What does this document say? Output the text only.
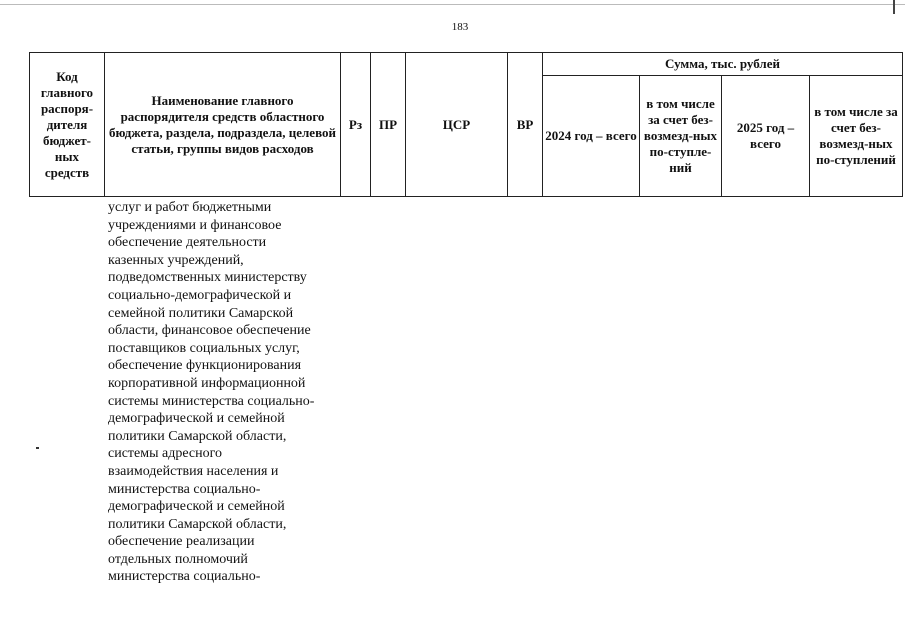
183
Код главного распоря-дителя бюджет-ных средств	Наименование главного распорядителя средств областного бюджета, раздела, подраздела, целевой статьи, группы видов расходов	Рз	ПР	ЦСР	ВР	Сумма, тыс. рублей			
						2024 год – всего	в том числе за счет без-возмезд-ных по-ступле-ний	2025 год – всего	в том числе за счет без-возмезд-ных по-ступлений
услуг и работ бюджетными
учреждениями и финансовое
обеспечение деятельности
казенных учреждений,
подведомственных министерству
социально-демографической и
семейной политики Самарской
области, финансовое обеспечение
поставщиков социальных услуг,
обеспечение функционирования
корпоративной информационной
системы министерства социально-
демографической и семейной
политики Самарской области,
системы адресного
взаимодействия населения и
министерства социально-
демографической и семейной
политики Самарской области,
обеспечение реализации
отдельных полномочий
министерства социально-
